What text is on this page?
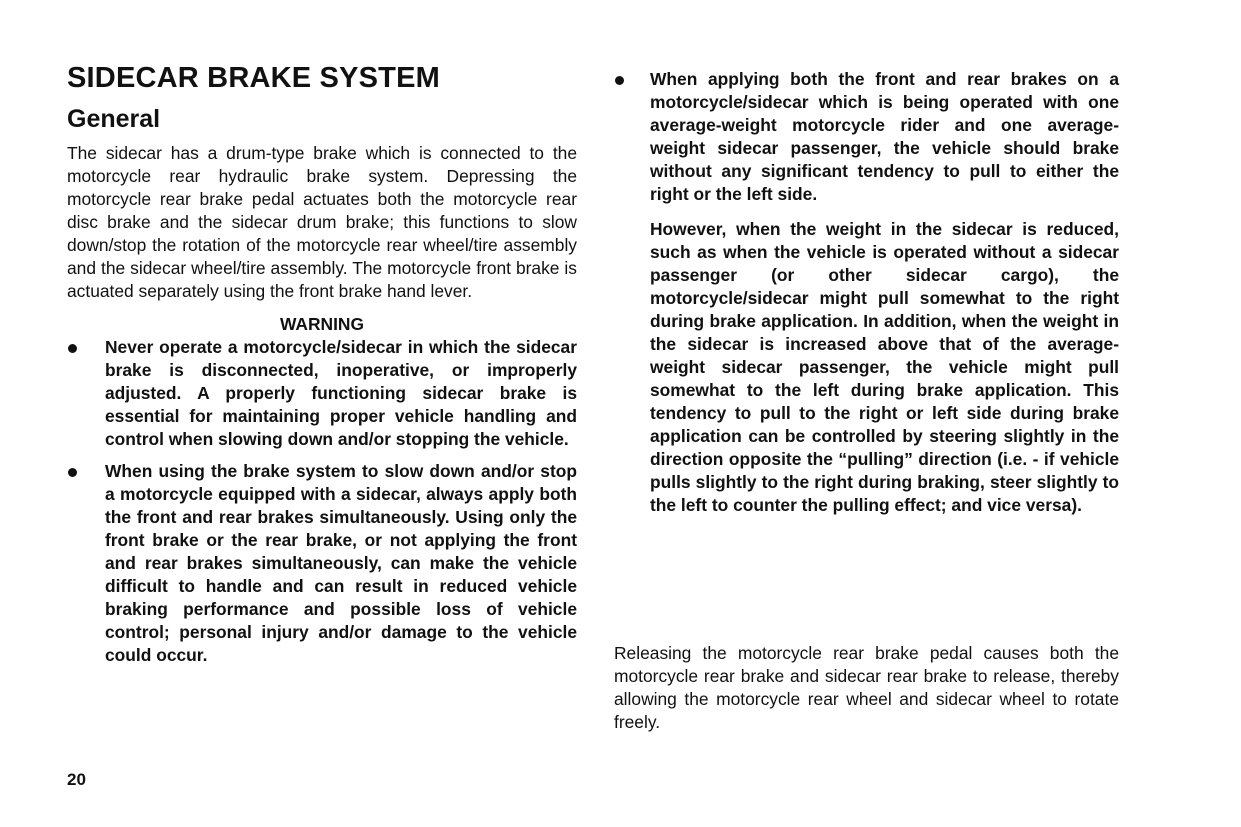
SIDECAR BRAKE SYSTEM
General

The sidecar has a drum-type brake which is connected to the motorcycle rear hydraulic brake system. Depressing the motorcycle rear brake pedal actuates both the motorcycle rear disc brake and the sidecar drum brake; this functions to slow down/stop the rotation of the motorcycle rear wheel/tire assembly and the sidecar wheel/tire assembly. The motorcycle front brake is actuated separately using the front brake hand lever.

WARNING
Never operate a motorcycle/sidecar in which the sidecar brake is disconnected, inoperative, or improperly adjusted. A properly functioning sidecar brake is essential for maintaining proper vehicle handling and control when slowing down and/or stopping the vehicle.
When using the brake system to slow down and/or stop a motorcycle equipped with a sidecar, always apply both the front and rear brakes simultaneously. Using only the front brake or the rear brake, or not applying the front and rear brakes simultaneously, can make the vehicle difficult to handle and can result in reduced vehicle braking performance and possible loss of vehicle control; personal injury and/or damage to the vehicle could occur.
When applying both the front and rear brakes on a motorcycle/sidecar which is being operated with one average-weight motorcycle rider and one average-weight sidecar passenger, the vehicle should brake without any significant tendency to pull to either the right or the left side.

However, when the weight in the sidecar is reduced, such as when the vehicle is operated without a sidecar passenger (or other sidecar cargo), the motorcycle/sidecar might pull somewhat to the right during brake application. In addition, when the weight in the sidecar is increased above that of the average-weight sidecar passenger, the vehicle might pull somewhat to the left during brake application. This tendency to pull to the right or left side during brake application can be controlled by steering slightly in the direction opposite the “pulling” direction (i.e. - if vehicle pulls slightly to the right during braking, steer slightly to the left to counter the pulling effect; and vice versa).

Releasing the motorcycle rear brake pedal causes both the motorcycle rear brake and sidecar rear brake to release, thereby allowing the motorcycle rear wheel and sidecar wheel to rotate freely.

20
